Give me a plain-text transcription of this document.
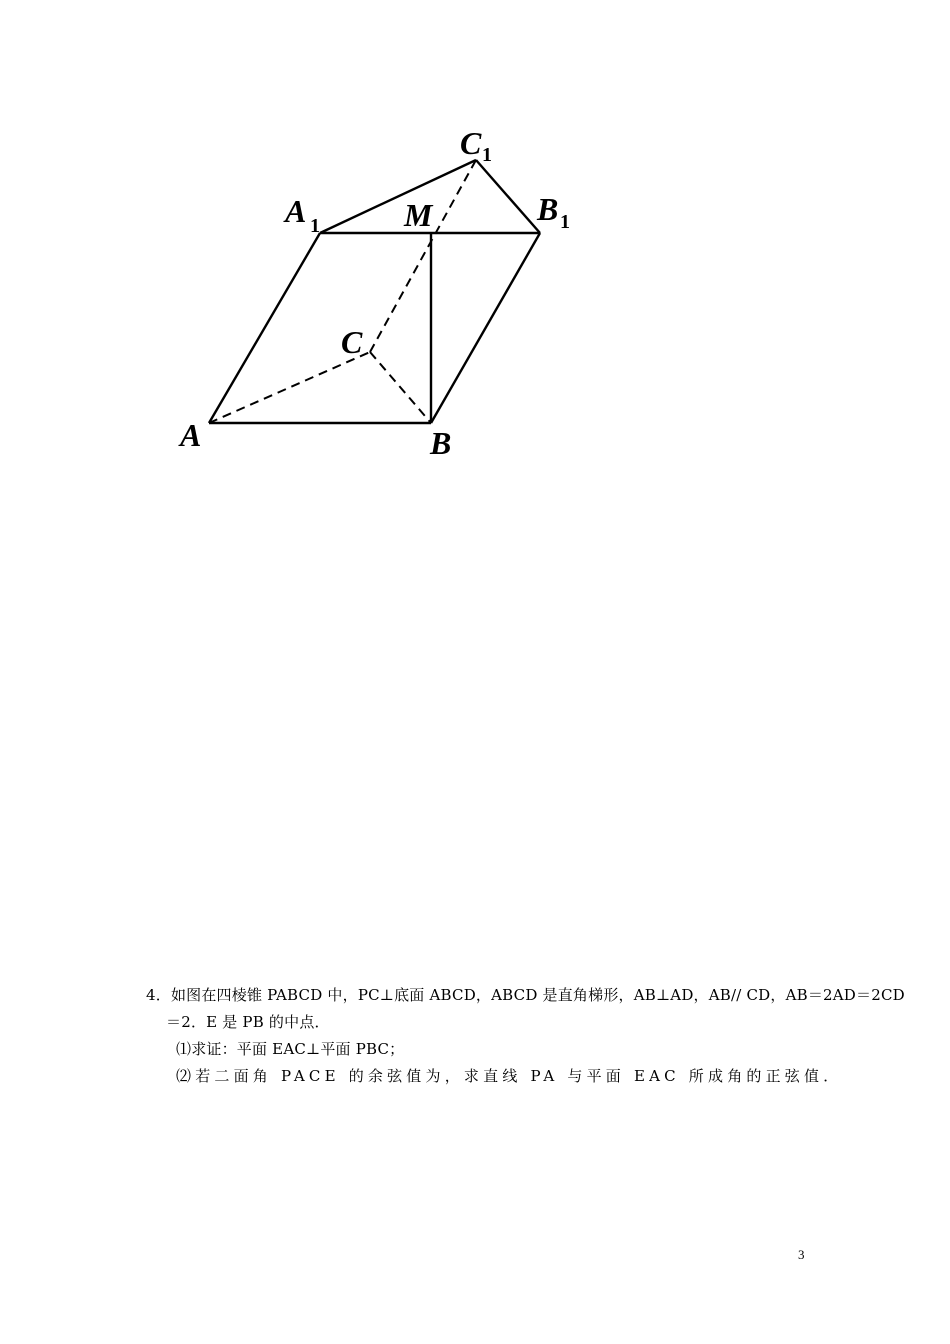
A	B
C
M
A 1	B 1
C 1
4．如图在四棱锥 PABCD 中，PC⊥底面 ABCD，ABCD 是直角梯形，AB⊥AD，AB// CD，AB＝2AD＝2CD
＝2．E 是 PB 的中点．
⑴求证：平面 EAC⊥平面 PBC；
⑵若二面角 PACE 的余弦值为，求直线 PA 与平面 EAC 所成角的正弦值．
3
